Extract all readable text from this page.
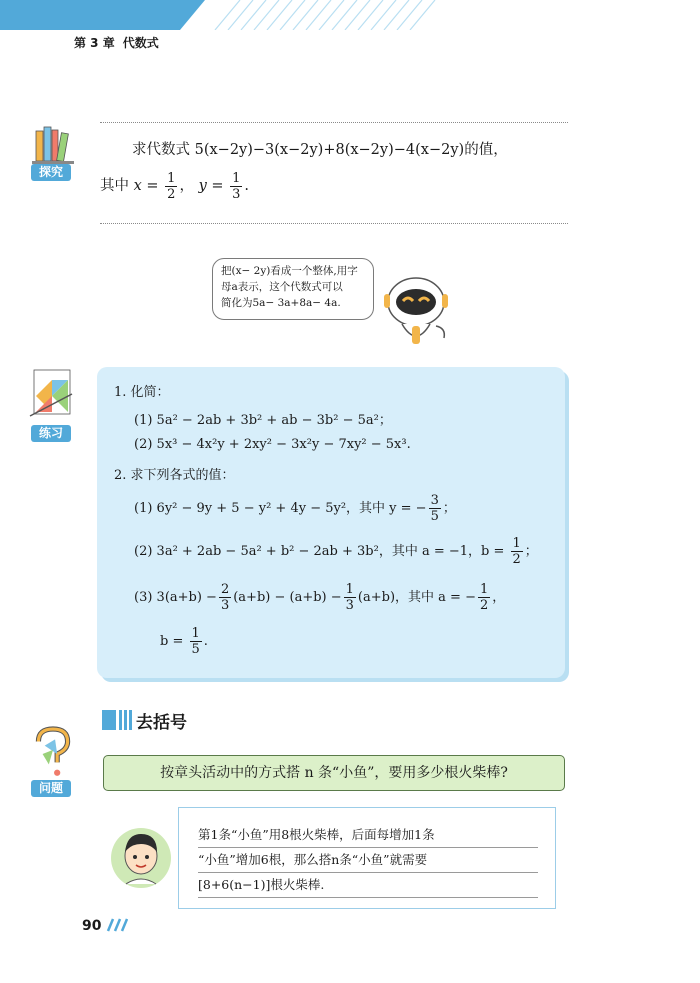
第 3 章 代数式
探究
求代数式 5(x−2y)−3(x−2y)+8(x−2y)−4(x−2y)的值，
其中 $x = \frac{1}{2}$ ， $y = \frac{1}{3}$ .
把(x− 2y)看成一个整体,用字
母a表示，这个代数式可以
简化为5a− 3a+8a− 4a.
练习
1. 化简：
(1) 5a² − 2ab + 3b² + ab − 3b² − 5a²；
(2) 5x³ − 4x²y + 2xy² − 3x²y − 7xy² − 5x³.
2. 求下列各式的值：
(1) 6y² − 9y + 5 − y² + 4y − 5y²，其中 y = − $\frac{3}{5}$ ；
(2) 3a² + 2ab − 5a² + b² − 2ab + 3b²，其中 a = −1，$b = \frac{1}{2}$ ；
(3) $3(a+b) - \frac{2}{3} (a+b) - (a+b) - \frac{1}{3} (a+b)$，其中 a = − $\frac{1}{2}$ ，
$b = \frac{1}{5}$ .
去括号
问题
按章头活动中的方式搭 n 条“小鱼”，要用多少根火柴棒?
第1条“小鱼”用8根火柴棒，后面每增加1条
“小鱼”增加6根，那么搭n条“小鱼”就需要
[8+6(n−1)]根火柴棒.
90
